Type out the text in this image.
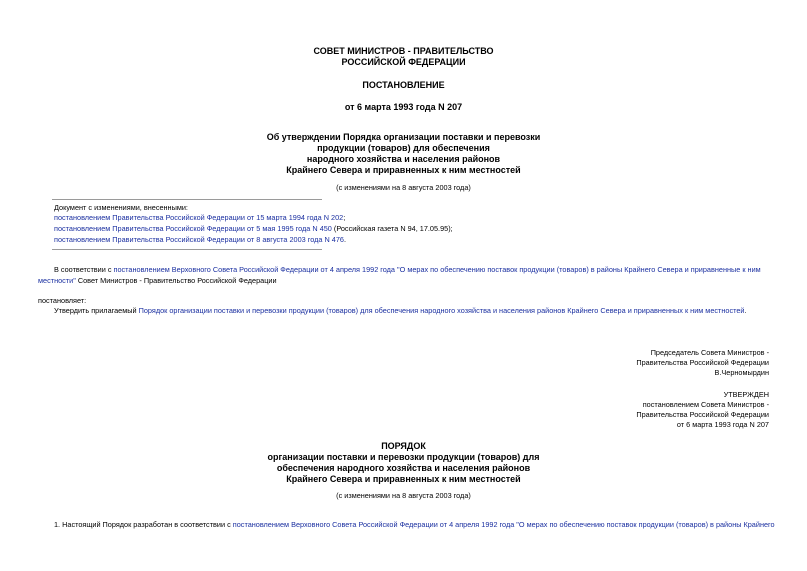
СОВЕТ МИНИСТРОВ - ПРАВИТЕЛЬСТВО
РОССИЙСКОЙ ФЕДЕРАЦИИ
ПОСТАНОВЛЕНИЕ
от 6 марта 1993 года N 207
Об утверждении Порядка организации поставки и перевозки
продукции (товаров) для обеспечения
народного хозяйства и населения районов
Крайнего Севера и приравненных к ним местностей
(с изменениями на 8 августа 2003 года)
Документ с изменениями, внесенными:
постановлением Правительства Российской Федерации от 15 марта 1994 года N 202;
постановлением Правительства Российской Федерации от 5 мая 1995 года N 450 (Российская газета N 94, 17.05.95);
постановлением Правительства Российской Федерации от 8 августа 2003 года N 476.
В соответствии с постановлением Верховного Совета Российской Федерации от 4 апреля 1992 года "О мерах по обеспечению поставок продукции (товаров) в районы Крайнего Севера и приравненные к ним
местности" Совет Министров - Правительство Российской Федерации
постановляет:
Утвердить прилагаемый Порядок организации поставки и перевозки продукции (товаров) для обеспечения народного хозяйства и населения районов Крайнего Севера и приравненных к ним местностей.
Председатель Совета Министров -
Правительства Российской Федерации
В.Черномырдин
УТВЕРЖДЕН
постановлением Совета Министров -
Правительства Российской Федерации
от 6 марта 1993 года N 207
ПОРЯДОК
организации поставки и перевозки продукции (товаров) для
обеспечения народного хозяйства и населения районов
Крайнего Севера и приравненных к ним местностей
(с изменениями на 8 августа 2003 года)
1. Настоящий Порядок разработан в соответствии с постановлением Верховного Совета Российской Федерации от 4 апреля 1992 года "О мерах по обеспечению поставок продукции (товаров) в районы Крайнего
